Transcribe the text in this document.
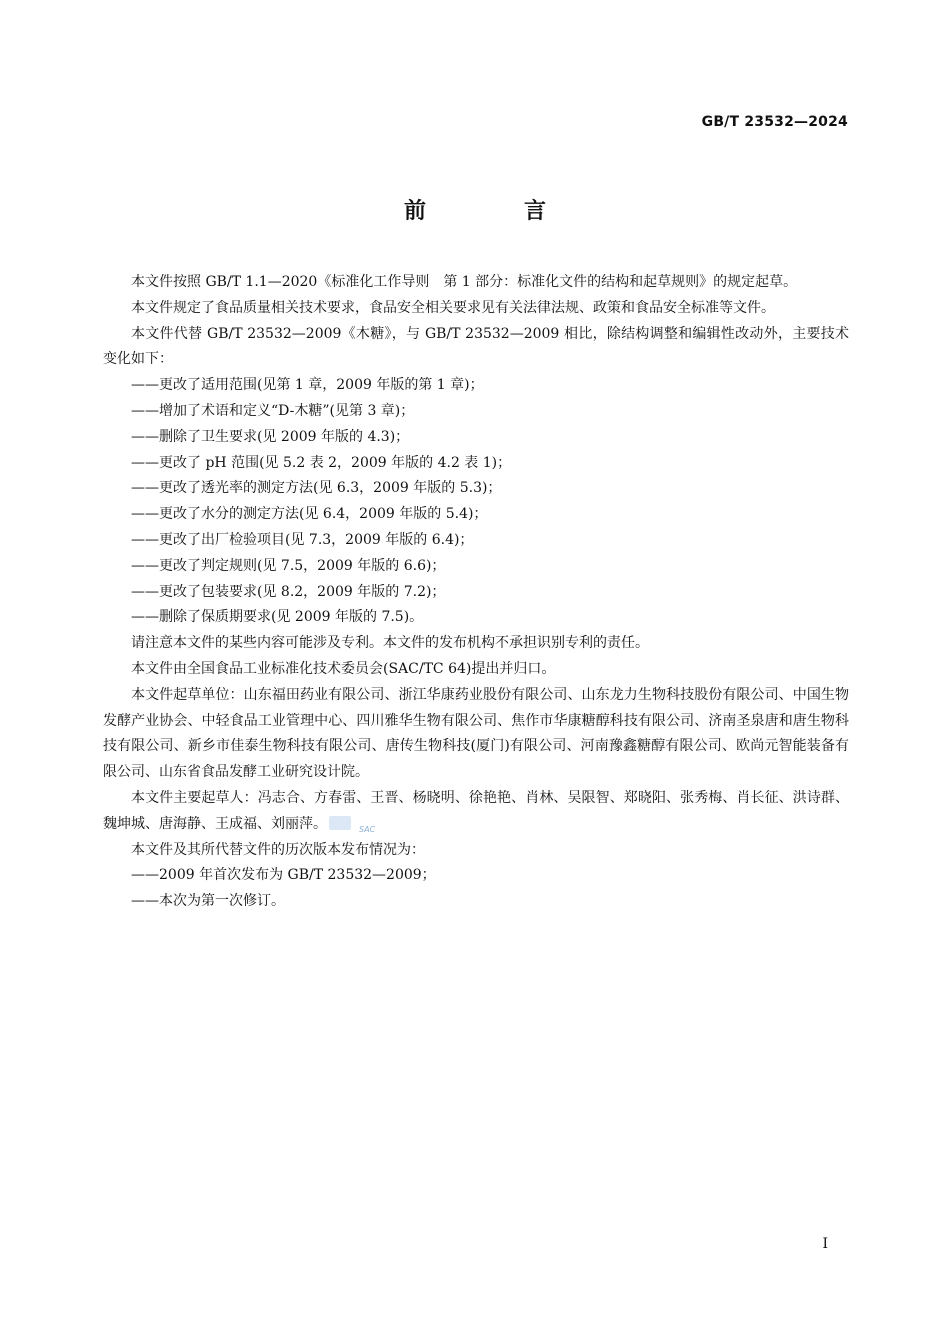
GB/T 23532—2024
前　言

本文件按照 GB/T 1.1—2020《标准化工作导则　第 1 部分：标准化文件的结构和起草规则》的规定起草。

本文件规定了食品质量相关技术要求，食品安全相关要求见有关法律法规、政策和食品安全标准等文件。

本文件代替 GB/T 23532—2009《木糖》，与 GB/T 23532—2009 相比，除结构调整和编辑性改动外，主要技术变化如下：

——更改了适用范围(见第 1 章，2009 年版的第 1 章)；

——增加了术语和定义“D-木糖”(见第 3 章)；

——删除了卫生要求(见 2009 年版的 4.3)；

——更改了 pH 范围(见 5.2 表 2，2009 年版的 4.2 表 1)；

——更改了透光率的测定方法(见 6.3，2009 年版的 5.3)；

——更改了水分的测定方法(见 6.4，2009 年版的 5.4)；

——更改了出厂检验项目(见 7.3，2009 年版的 6.4)；

——更改了判定规则(见 7.5，2009 年版的 6.6)；

——更改了包装要求(见 8.2，2009 年版的 7.2)；

——删除了保质期要求(见 2009 年版的 7.5)。

请注意本文件的某些内容可能涉及专利。本文件的发布机构不承担识别专利的责任。

本文件由全国食品工业标准化技术委员会(SAC/TC 64)提出并归口。

本文件起草单位：山东福田药业有限公司、浙江华康药业股份有限公司、山东龙力生物科技股份有限公司、中国生物发酵产业协会、中轻食品工业管理中心、四川雅华生物有限公司、焦作市华康糖醇科技有限公司、济南圣泉唐和唐生物科技有限公司、新乡市佳泰生物科技有限公司、唐传生物科技(厦门)有限公司、河南豫鑫糖醇有限公司、欧尚元智能装备有限公司、山东省食品发酵工业研究设计院。

本文件主要起草人：冯志合、方春雷、王晋、杨晓明、徐艳艳、肖林、吴限智、郑晓阳、张秀梅、肖长征、洪诗群、魏坤城、唐海静、王成福、刘丽萍。	SAC

本文件及其所代替文件的历次版本发布情况为：

——2009 年首次发布为 GB/T 23532—2009；

——本次为第一次修订。

I
